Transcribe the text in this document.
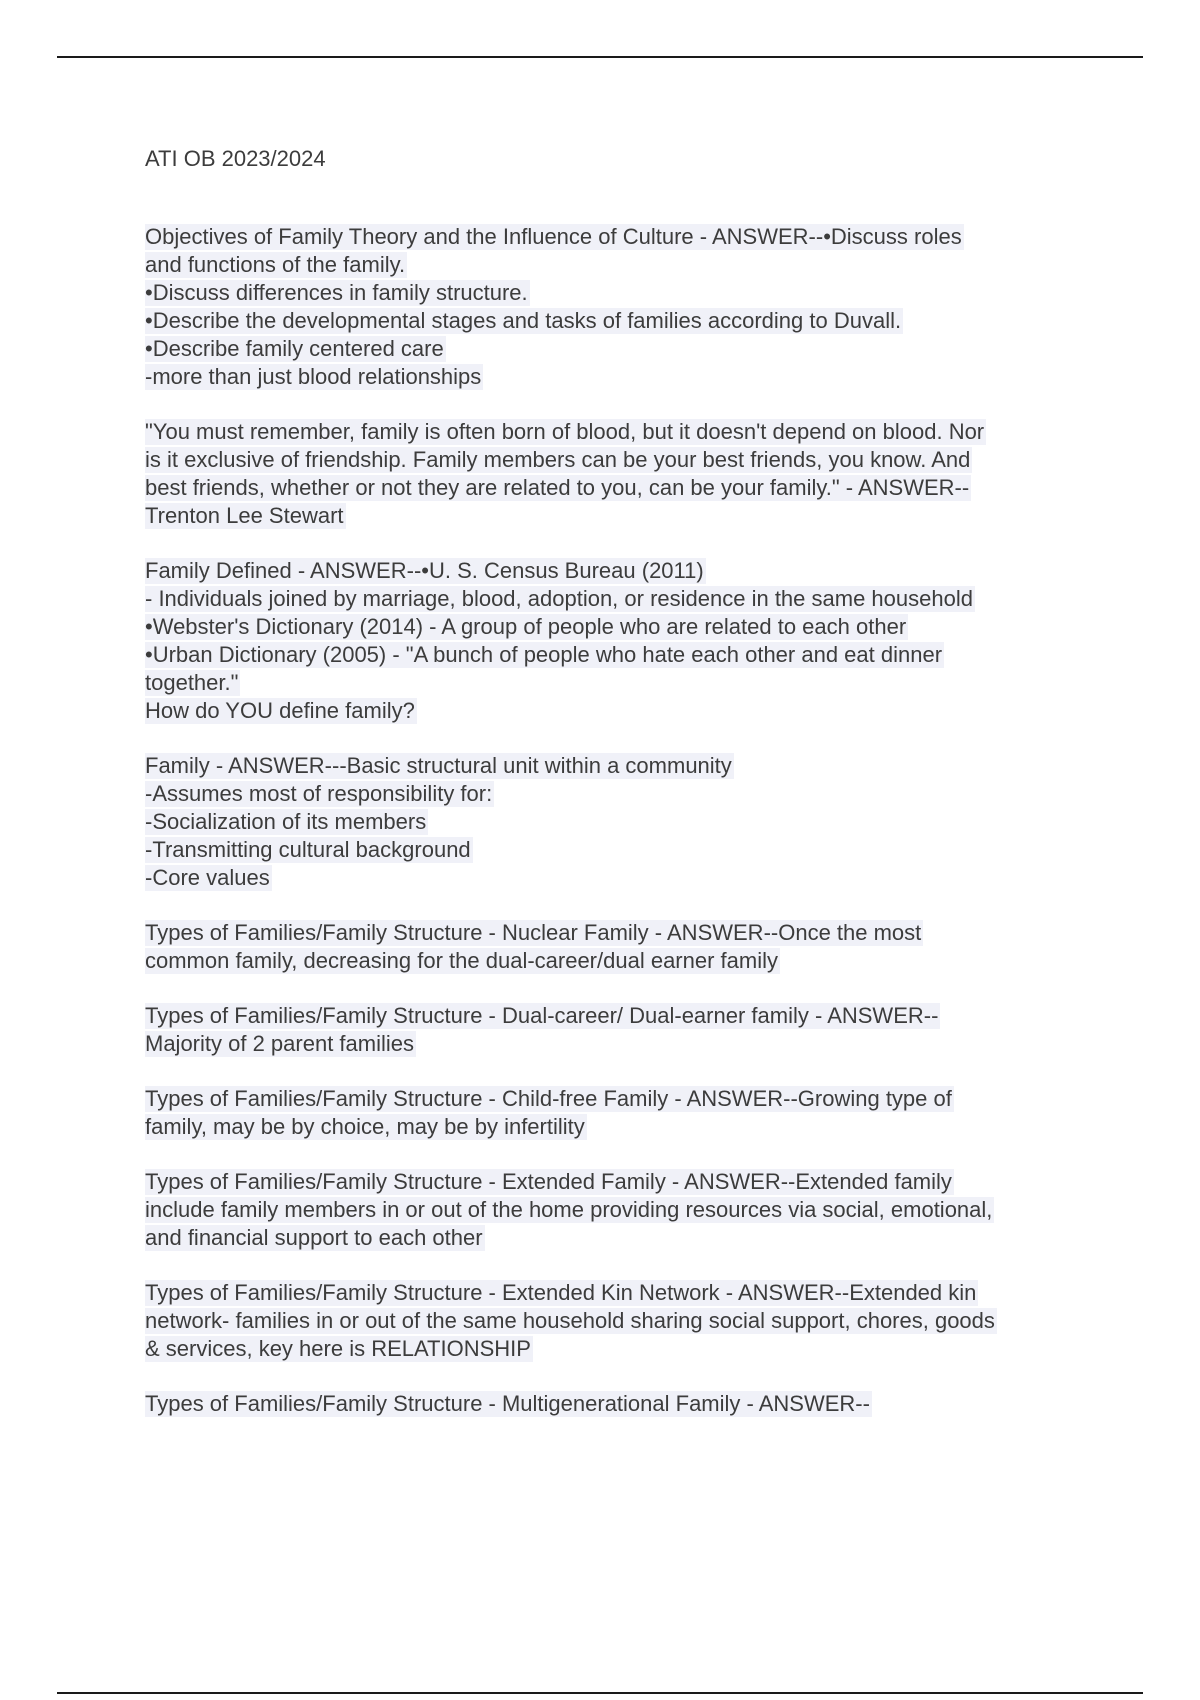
ATI OB 2023/2024
Objectives of Family Theory and the Influence of Culture - ANSWER--•Discuss roles
and functions of the family.
•Discuss differences in family structure.
•Describe the developmental stages and tasks of families according to Duvall.
•Describe family centered care
-more than just blood relationships
"You must remember, family is often born of blood, but it doesn't depend on blood. Nor
is it exclusive of friendship. Family members can be your best friends, you know. And
best friends, whether or not they are related to you, can be your family." - ANSWER--
Trenton Lee Stewart
Family Defined - ANSWER--•U. S. Census Bureau (2011)
- Individuals joined by marriage, blood, adoption, or residence in the same household
•Webster's Dictionary (2014) - A group of people who are related to each other
•Urban Dictionary (2005) - "A bunch of people who hate each other and eat dinner
together."
How do YOU define family?
Family - ANSWER---Basic structural unit within a community
-Assumes most of responsibility for:
-Socialization of its members
-Transmitting cultural background
-Core values
Types of Families/Family Structure - Nuclear Family - ANSWER--Once the most
common family, decreasing for the dual-career/dual earner family
Types of Families/Family Structure - Dual-career/ Dual-earner family - ANSWER--
Majority of 2 parent families
Types of Families/Family Structure - Child-free Family - ANSWER--Growing type of
family, may be by choice, may be by infertility
Types of Families/Family Structure - Extended Family - ANSWER--Extended family
include family members in or out of the home providing resources via social, emotional,
and financial support to each other
Types of Families/Family Structure - Extended Kin Network - ANSWER--Extended kin
network- families in or out of the same household sharing social support, chores, goods
& services, key here is RELATIONSHIP
Types of Families/Family Structure - Multigenerational Family - ANSWER--
